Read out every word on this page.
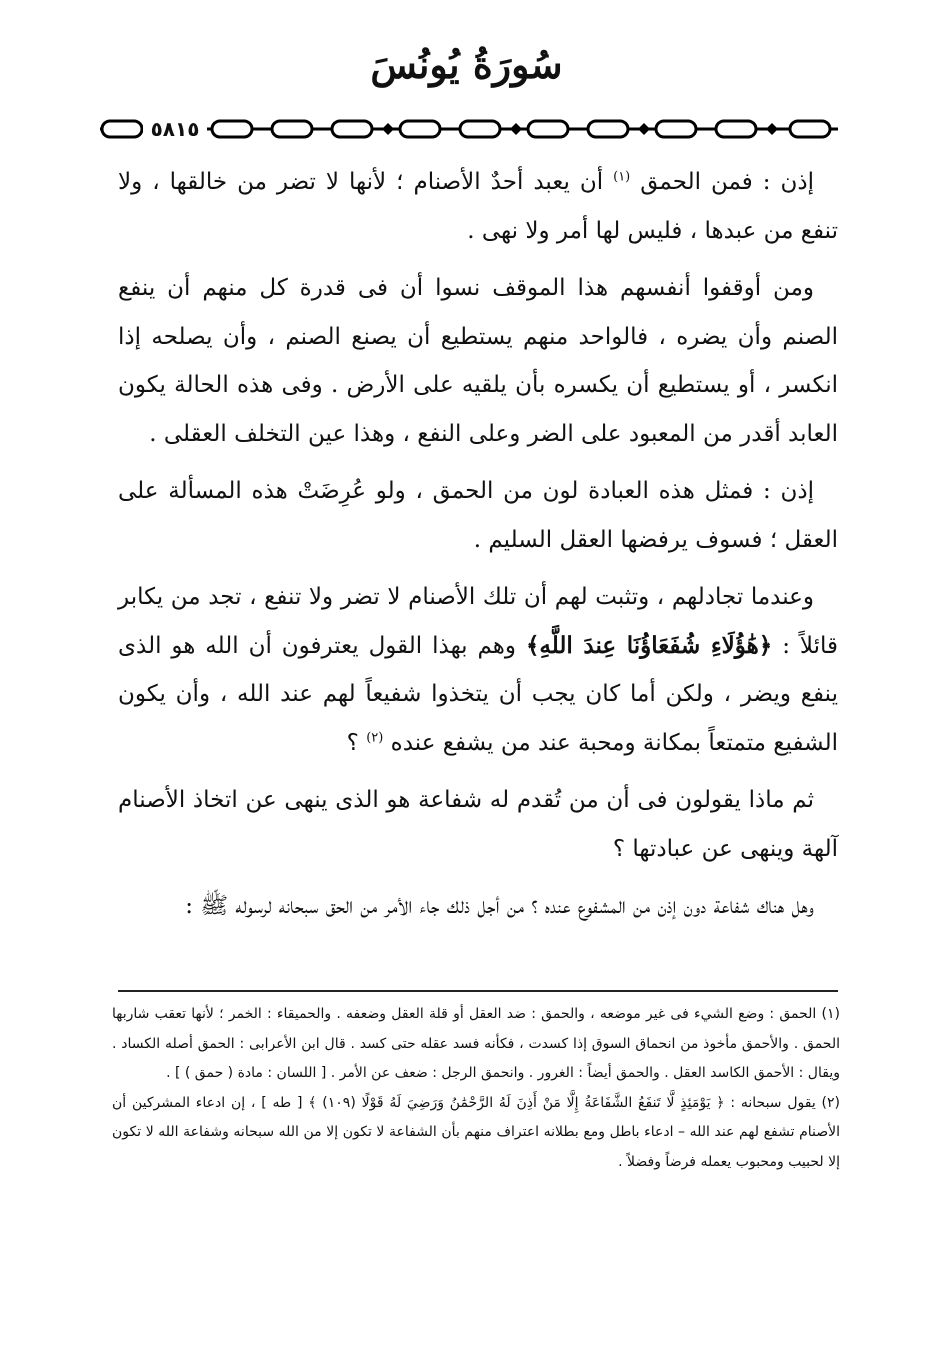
سُورَةُ يُونُسَ
٥٨١٥

إذن : فمن الحمق $^{(١)}$ أن يعبد أحدٌ الأصنام ؛ لأنها لا تضر من خالقها ، ولا تنفع من عبدها ، فليس لها أمر ولا نهى .

ومن أوقفوا أنفسهم هذا الموقف نسوا أن فى قدرة كل منهم أن ينفع الصنم وأن يضره ، فالواحد منهم يستطيع أن يصنع الصنم ، وأن يصلحه إذا انكسر ، أو يستطيع أن يكسره بأن يلقيه على الأرض . وفى هذه الحالة يكون العابد أقدر من المعبود على الضر وعلى النفع ، وهذا عين التخلف العقلى .

إذن : فمثل هذه العبادة لون من الحمق ، ولو عُرِضَتْ هذه المسألة على العقل ؛ فسوف يرفضها العقل السليم .

وعندما تجادلهم ، وتثبت لهم أن تلك الأصنام لا تضر ولا تنفع ، تجد من يكابر قائلاً : ﴿هَٰؤُلَاءِ شُفَعَاؤُنَا عِندَ اللَّهِ﴾ وهم بهذا القول يعترفون أن الله هو الذى ينفع ويضر ، ولكن أما كان يجب أن يتخذوا شفيعاً لهم عند الله ، وأن يكون الشفيع متمتعاً بمكانة ومحبة عند من يشفع عنده $^{(٢)}$ ؟

ثم ماذا يقولون فى أن من تُقدم له شفاعة هو الذى ينهى عن اتخاذ الأصنام آلهة وينهى عن عبادتها ؟

وهل هناك شفاعة دون إذن من المشفوع عنده ؟ من أجل ذلك جاء الأمر من الحق سبحانه لرسوله ﷺ :

(١) الحمق : وضع الشيء فى غير موضعه ، والحمق : ضد العقل أو قلة العقل وضعفه . والحميقاء : الخمر ؛ لأنها تعقب شاربها الحمق . والأحمق مأخوذ من انحماق السوق إذا كسدت ، فكأنه فسد عقله حتى كسد . قال ابن الأعرابى : الحمق أصله الكساد . ويقال : الأحمق الكاسد العقل . والحمق أيضاً : الغرور . وانحمق الرجل : ضعف عن الأمر . [ اللسان : مادة ( حمق ) ] .

(٢) يقول سبحانه : ﴿ يَوْمَئِذٍ لَّا تَنفَعُ الشَّفَاعَةُ إِلَّا مَنْ أَذِنَ لَهُ الرَّحْمَٰنُ وَرَضِيَ لَهُ قَوْلًا (١٠٩) ﴾ [ طه ] ، إن ادعاء المشركين أن الأصنام تشفع لهم عند الله – ادعاء باطل ومع بطلانه اعتراف منهم بأن الشفاعة لا تكون إلا من الله سبحانه وشفاعة الله لا تكون إلا لحبيب ومحبوب يعمله فرضاً وفضلاً .
